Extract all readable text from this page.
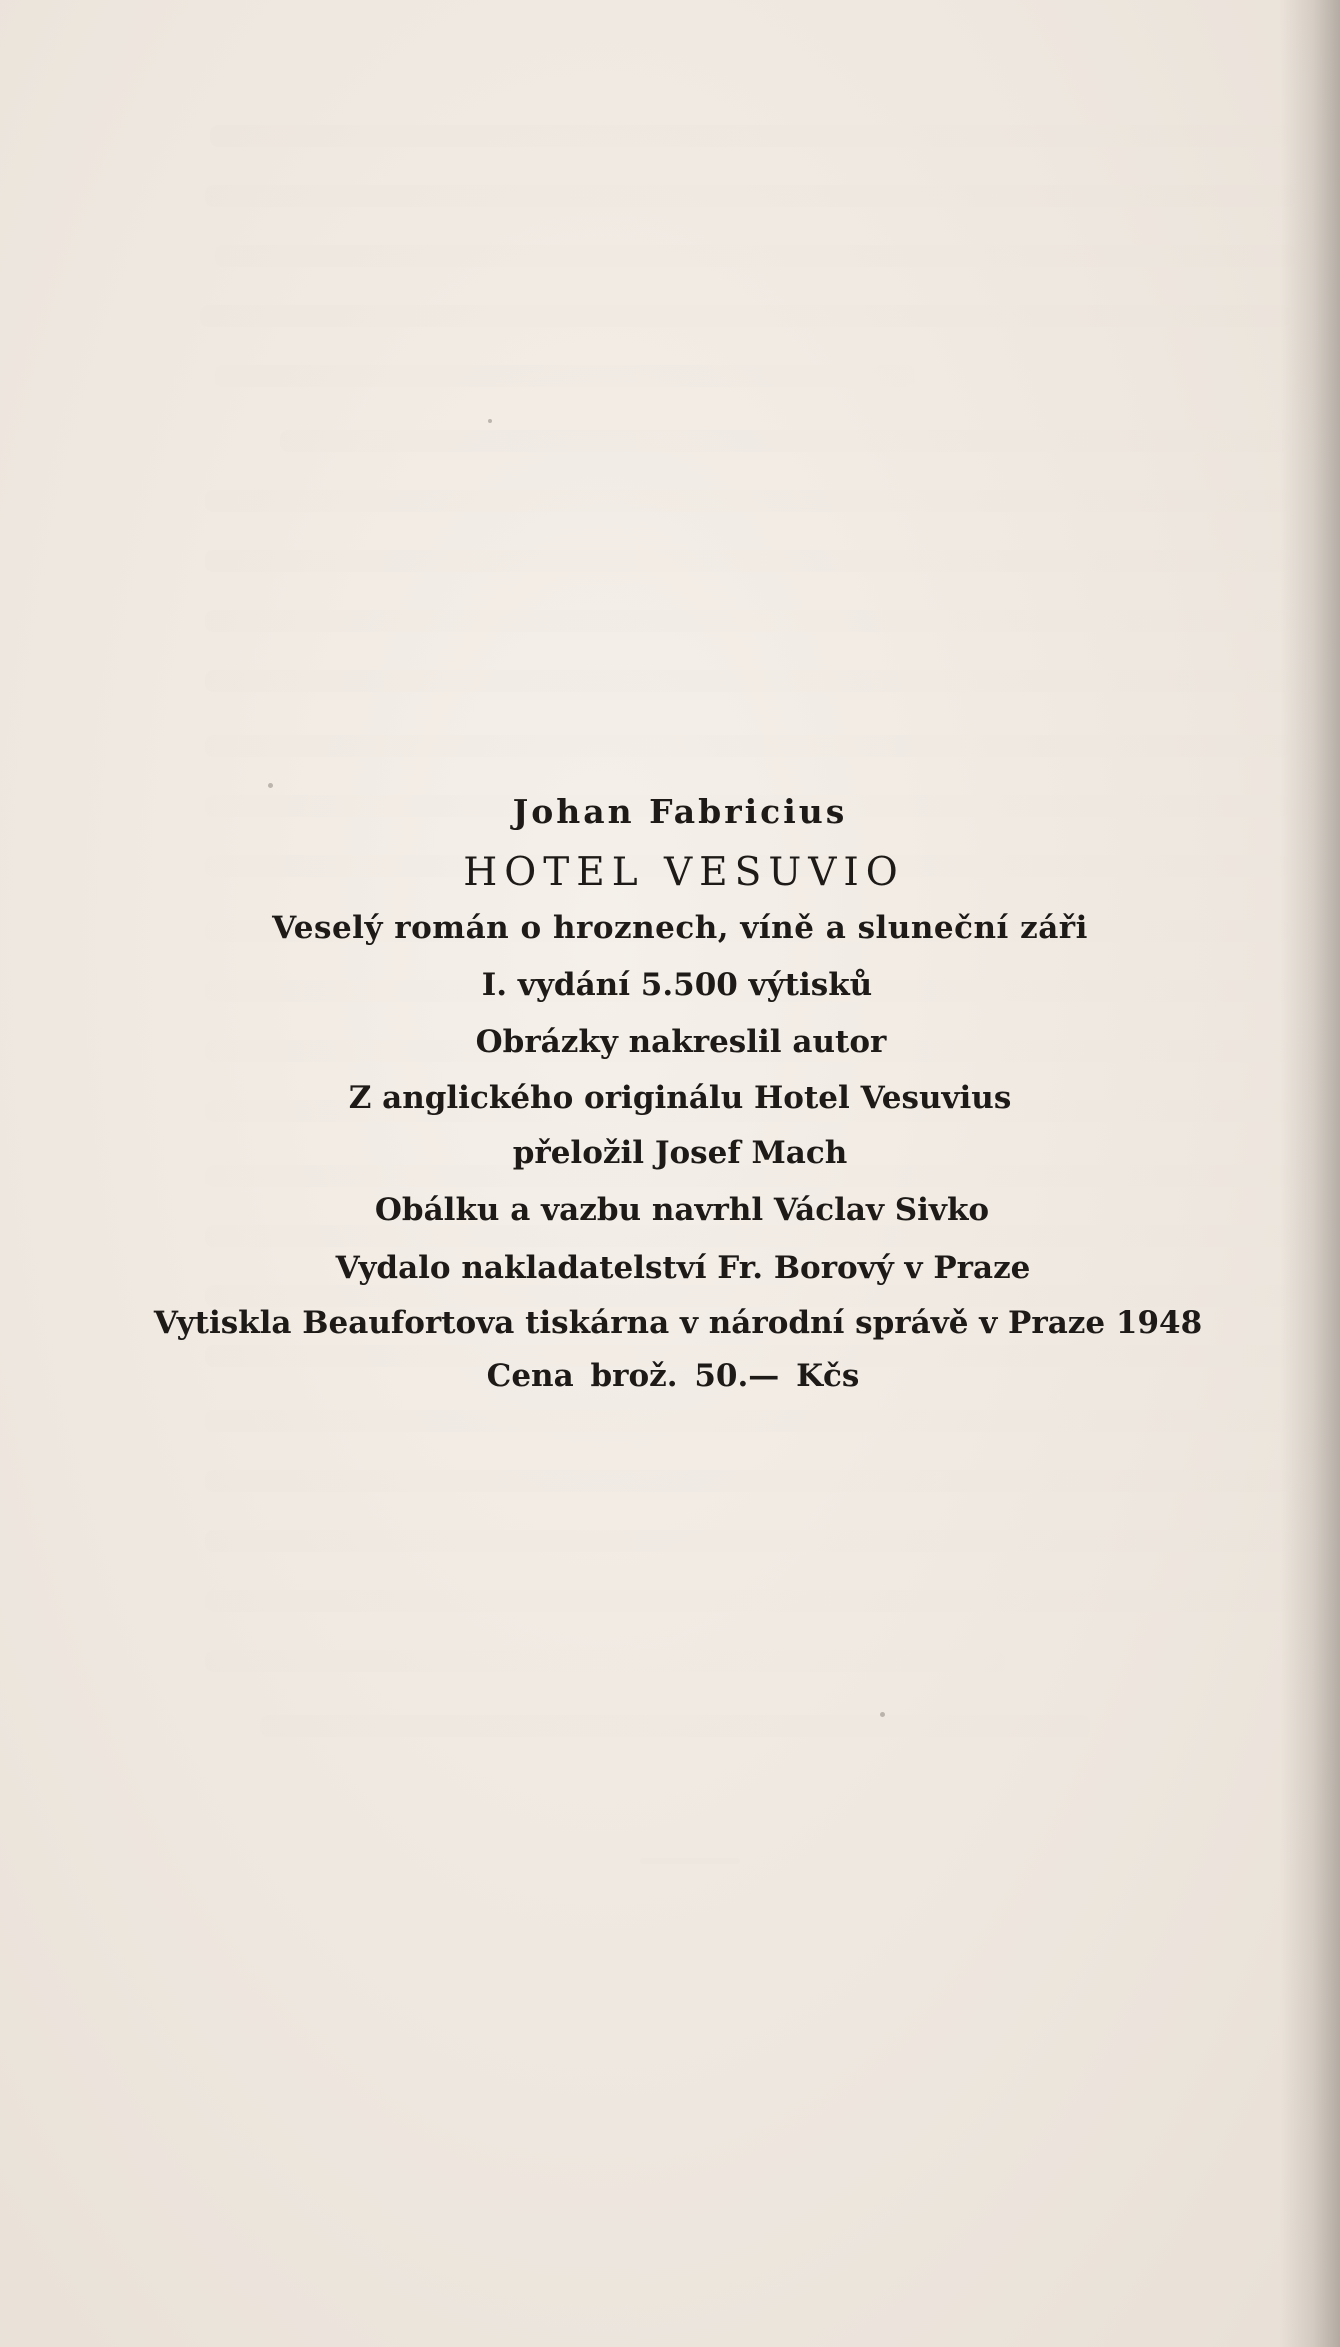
Johan Fabricius
HOTEL VESUVIO
Veselý román o hroznech, víně a sluneční záři
I. vydání 5.500 výtisků
Obrázky nakreslil autor
Z anglického originálu Hotel Vesuvius
přeložil Josef Mach
Obálku a vazbu navrhl Václav Sivko
Vydalo nakladatelství Fr. Borový v Praze
Vytiskla Beaufortova tiskárna v národní správě v Praze 1948
Cena brož. 50.— Kčs
